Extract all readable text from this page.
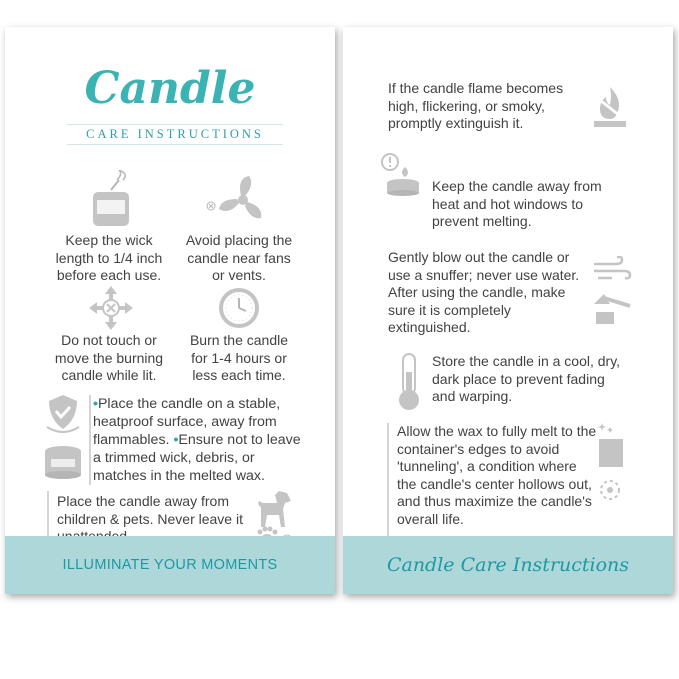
Candle
CARE INSTRUCTIONS
Keep the wick length to 1/4 inch before each use.
Avoid placing the candle near fans or vents.
Do not touch or move the burning candle while lit.
Burn the candle for 1-4 hours or less each time.
•Place the candle on a stable, heatproof surface, away from flammables. •Ensure not to leave a trimmed wick, debris, or matches in the melted wax.
Place the candle away from children & pets. Never leave it
ILLUMINATE YOUR MOMENTS
If the candle flame becomes high, flickering, or smoky, promptly extinguish it.
Keep the candle away from heat and hot windows to prevent melting.
Gently blow out the candle or use a snuffer; never use water. After using the candle, make sure it is completely extinguished.
Store the candle in a cool, dry, dark place to prevent fading and warping.
Allow the wax to fully melt to the container's edges to avoid 'tunneling', a condition where the candle's center hollows out, and thus maximize the candle's overall life.
Candle Care Instructions
